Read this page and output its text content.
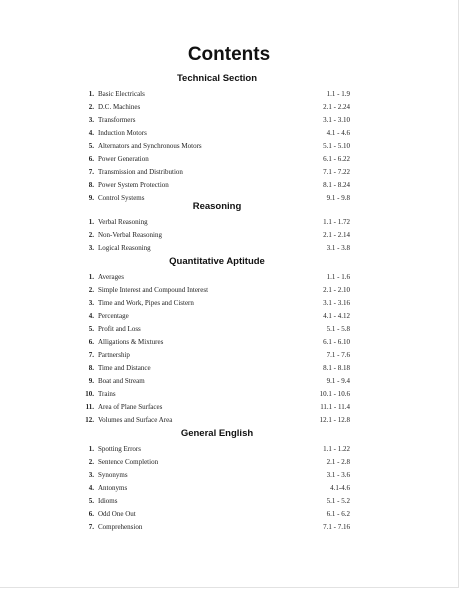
Contents
Technical Section
1. Basic Electricals	1.1 - 1.9
2. D.C. Machines	2.1 - 2.24
3. Transformers	3.1 - 3.10
4. Induction Motors	4.1 - 4.6
5. Alternators and Synchronous Motors	5.1 - 5.10
6. Power Generation	6.1 - 6.22
7. Transmission and Distribution	7.1 - 7.22
8. Power System Protection	8.1 - 8.24
9. Control Systems	9.1 - 9.8
Reasoning
1. Verbal Reasoning	1.1 - 1.72
2. Non-Verbal Reasoning	2.1 - 2.14
3. Logical Reasoning	3.1 - 3.8
Quantitative Aptitude
1. Averages	1.1 - 1.6
2. Simple Interest and Compound Interest	2.1 - 2.10
3. Time and Work, Pipes and Cistern	3.1 - 3.16
4. Percentage	4.1 - 4.12
5. Profit and Loss	5.1 - 5.8
6. Alligations & Mixtures	6.1 - 6.10
7. Partnership	7.1 - 7.6
8. Time and Distance	8.1 - 8.18
9. Boat and Stream	9.1 - 9.4
10. Trains	10.1 - 10.6
11. Area of Plane Surfaces	11.1 - 11.4
12. Volumes and Surface Area	12.1 - 12.8
General English
1. Spotting Errors	1.1 - 1.22
2. Sentence Completion	2.1 - 2.8
3. Synonyms	3.1 - 3.6
4. Antonyms	4.1-4.6
5. Idioms	5.1 - 5.2
6. Odd One Out	6.1 - 6.2
7. Comprehension	7.1 - 7.16
